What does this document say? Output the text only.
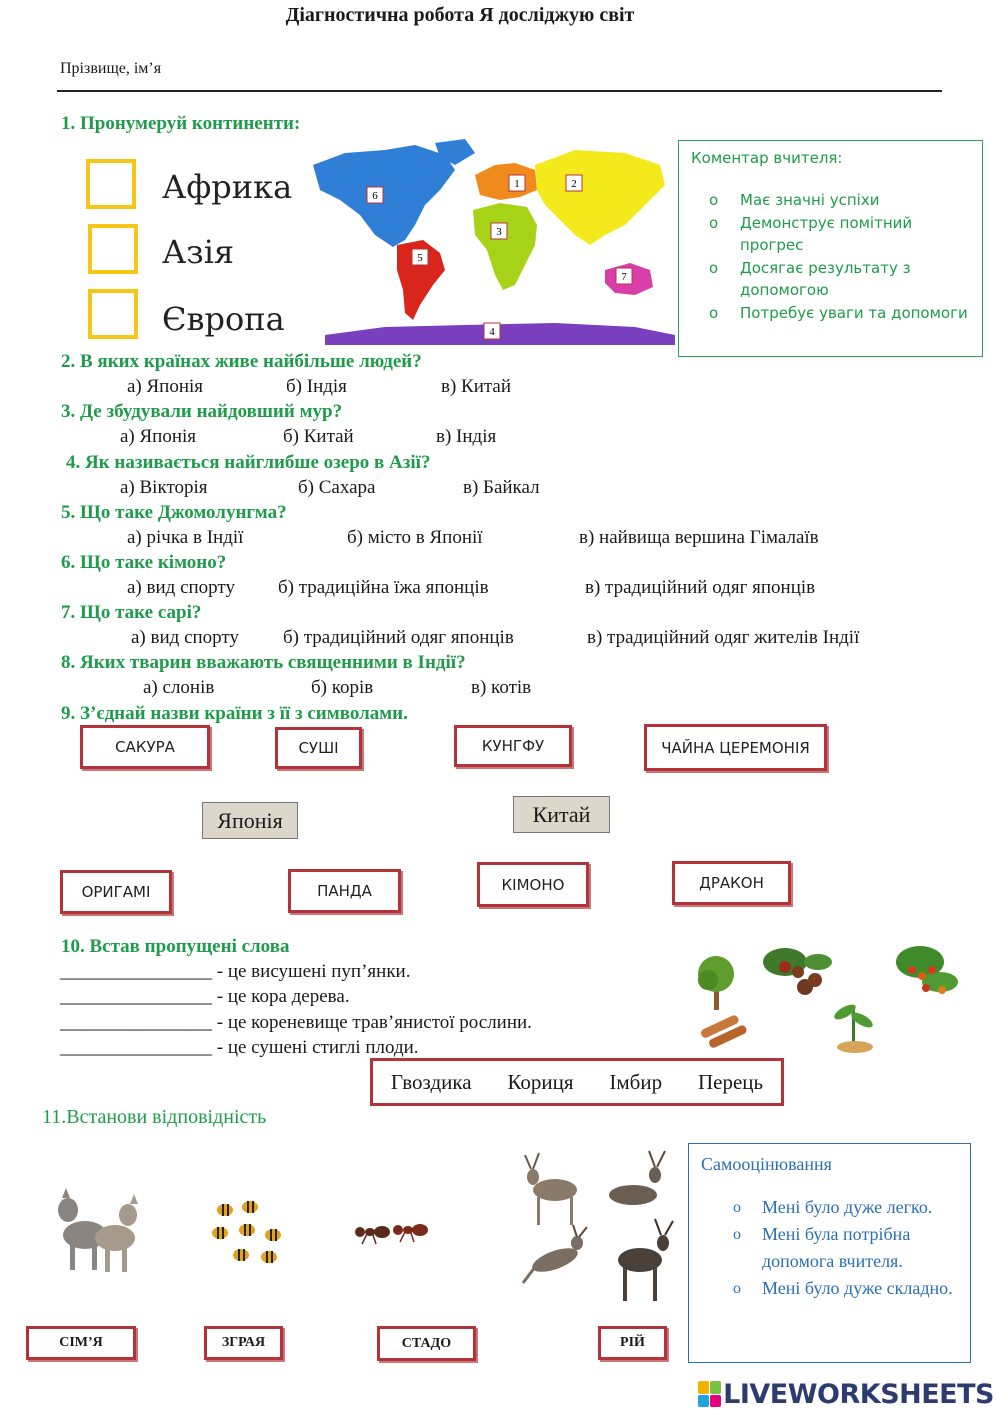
Діагностична робота Я досліджую світ
Прізвище, ім’я
1. Пронумеруй континенти:
Африка
Азія
Європа
6
1	2
3
5
7
4
Коментар вчителя:
o Має значні успіхи
o Демонструє помітний прогрес
o Досягає результату з допомогою
o Потребує уваги та допомоги
2. В яких країнах живе найбільше людей?
а) Японія	б) Індія	в) Китай
3. Де збудували найдовший мур?
а) Японія	б) Китай	в) Індія
4. Як називається найглибше озеро в Азії?
а) Вікторія	б) Сахара	в) Байкал
5. Що таке Джомолунгма?
а) річка в Індії	б) місто в Японії	в) найвища вершина Гімалаїв
6. Що таке кімоно?
а) вид спорту б) традиційна їжа японців	в) традиційний одяг японців
7. Що таке сарі?
а) вид спорту б) традиційний одяг японців	в) традиційний одяг жителів Індії
8. Яких тварин вважають священними в Індії?
а) слонів	б) корів	в) котів
9. З’єднай назви країни з її з символами.
САКУРА	СУШІ	КУНГФУ	ЧАЙНА ЦЕРЕМОНІЯ
Японія	Китай
ОРИГАМІ	ПАНДА	КІМОНО	ДРАКОН
10. Встав пропущені слова
________________ - це висушені пуп’янки.
________________ - це кора дерева.
________________ - це кореневище трав’янистої рослини.
________________ - це сушені стиглі плоди.
Гвоздика Кориця Імбир Перець
11.Встанови відповідність
СІМ’Я	ЗГРАЯ	СТАДО	РІЙ
Самооцінювання
o Мені було дуже легко.
o Мені була потрібна допомога вчителя.
o Мені було дуже складно.
LIVEWORKSHEETS
